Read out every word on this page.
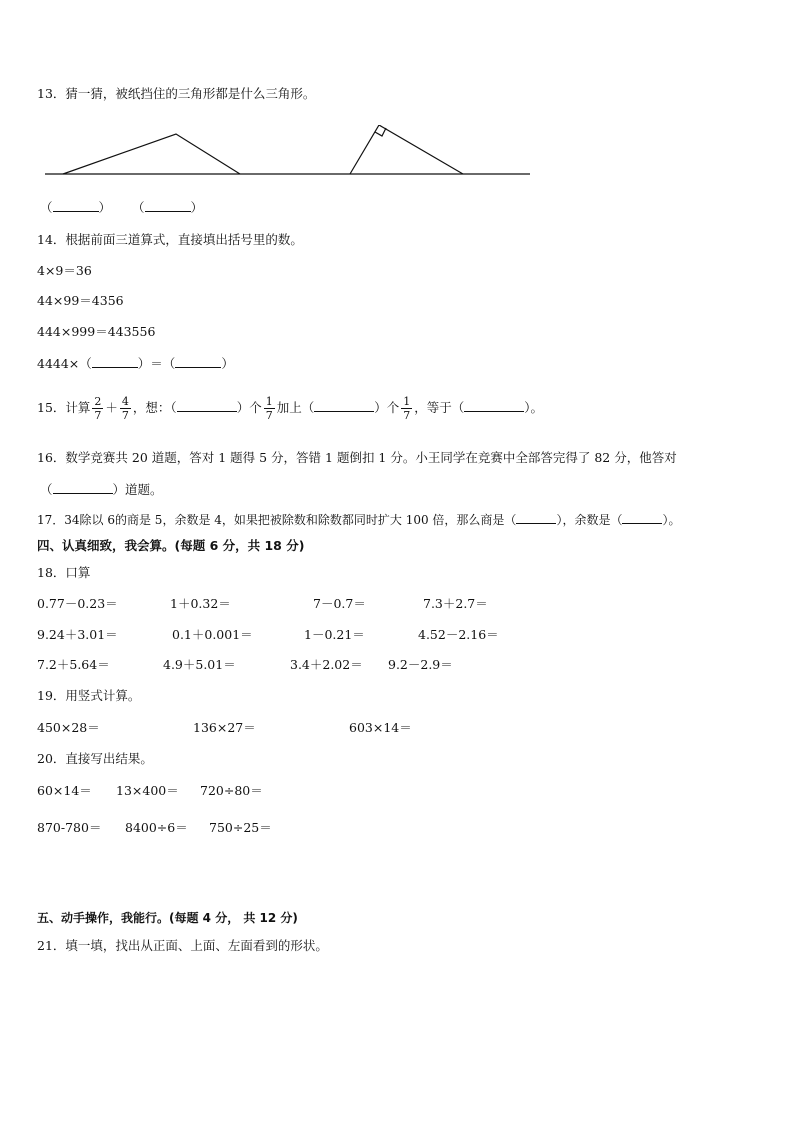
13．猜一猜，被纸挡住的三角形都是什么三角形。
（	） （	）
14．根据前面三道算式，直接填出括号里的数。
4×9＝36
44×99＝4356
444×999＝443556
4444×（	）＝（	）
15．计算 $\frac{2}{7} + \frac{4}{7}$ ，想：（	）个 $\frac{1}{7}$ 加上（	）个 $\frac{1}{7}$ ，等于（	）。
16．数学竞赛共 20 道题，答对 1 题得 5 分，答错 1 题倒扣 1 分。小王同学在竞赛中全部答完得了 82 分，他答对
（	）道题。
17．34除以 6的商是 5，余数是 4，如果把被除数和除数都同时扩大 100 倍，那么商是（	），余数是（	）。
四、认真细致，我会算。(每题 6 分，共 18 分)
18．口算
0.77－0.23＝	1＋0.32＝	7－0.7＝	7.3＋2.7＝
9.24＋3.01＝	0.1＋0.001＝	1－0.21＝	4.52－2.16＝
7.2＋5.64＝	4.9＋5.01＝	3.4＋2.02＝ 9.2－2.9＝
19．用竖式计算。
450×28＝	136×27＝	603×14＝
20．直接写出结果。
60×14＝ 13×400＝ 720÷80＝
870-780＝ 8400÷6＝ 750÷25＝
五、动手操作，我能行。(每题 4 分， 共 12 分)
21．填一填，找出从正面、上面、左面看到的形状。
